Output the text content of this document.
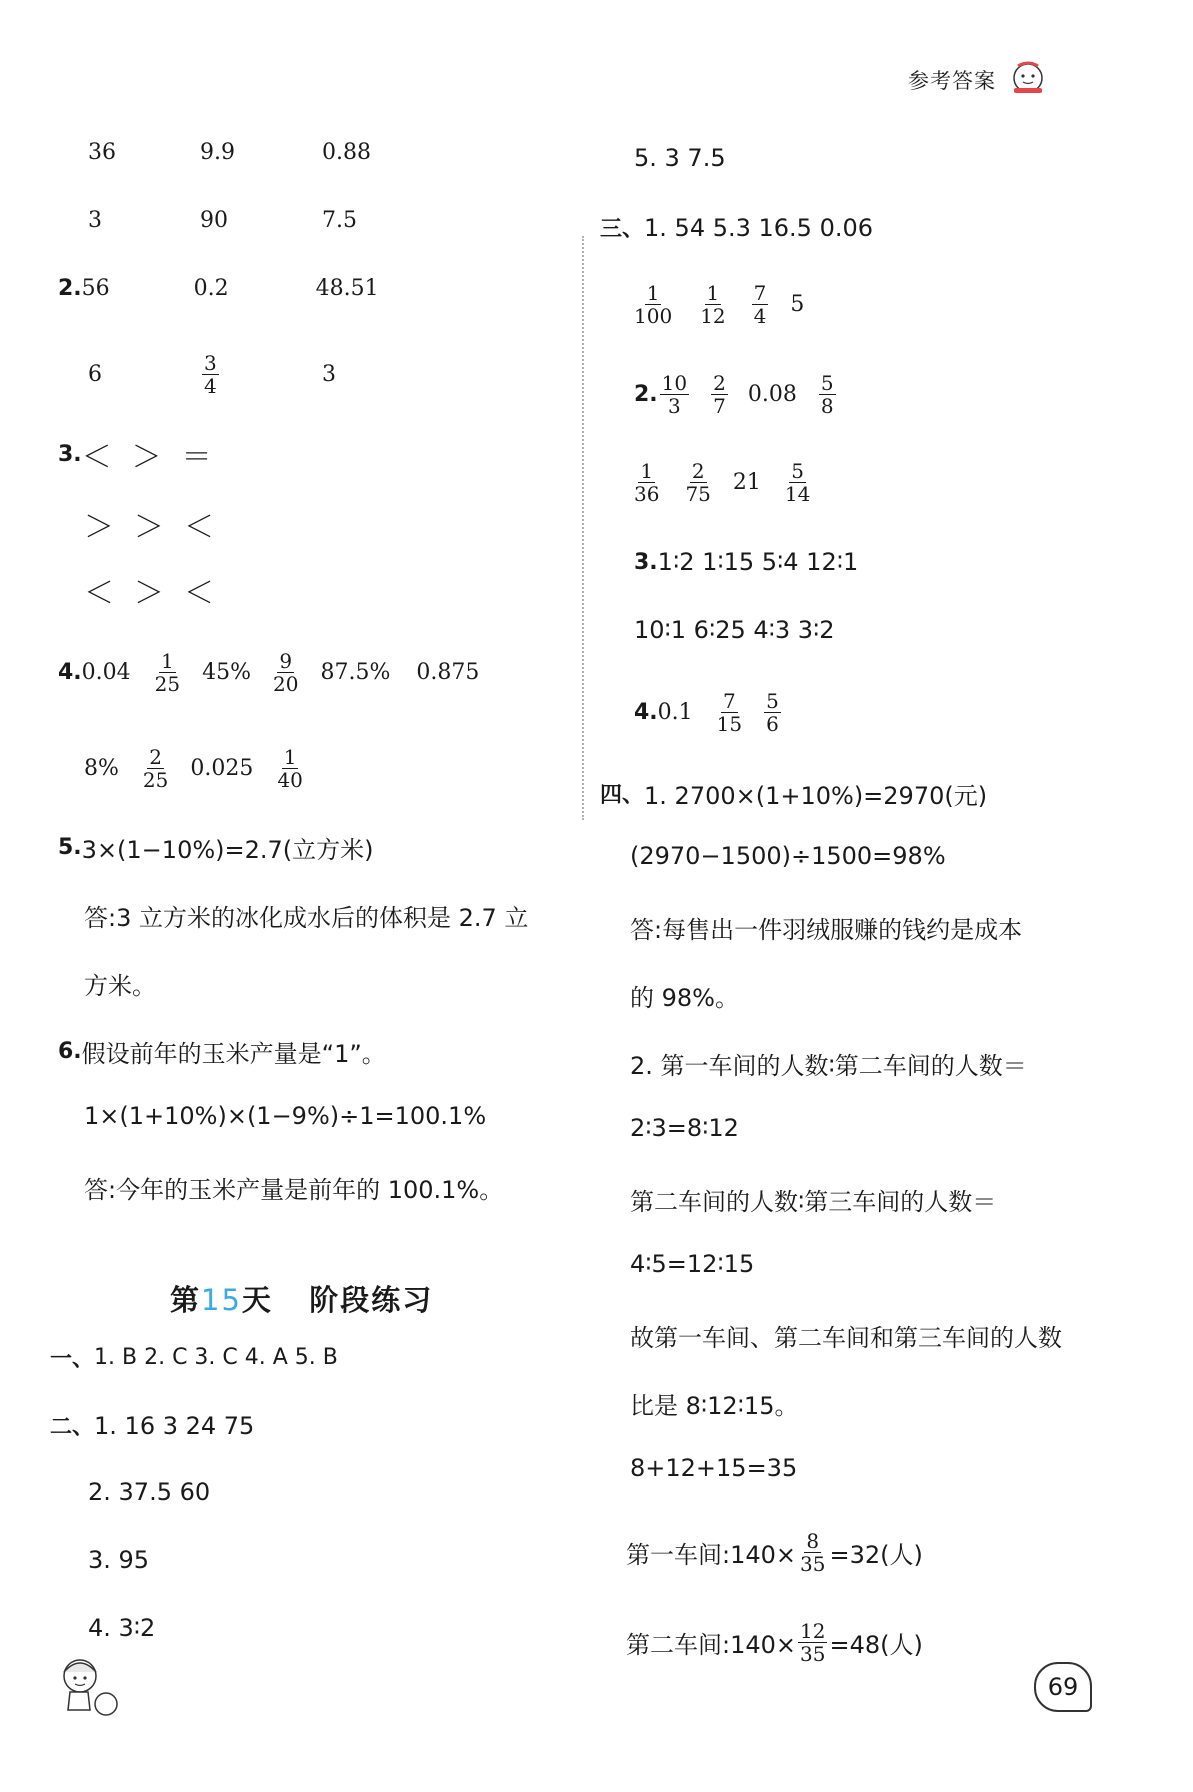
参考答案
36	9.9	0.88
3	90	7.5
2. 56	0.2	48.51
6	$\frac{3}{4}$	3
3. ＜ ＞ ＝
＞ ＞ ＜
＜ ＞ ＜
4. $0.04 \frac{1}{25} 45\% \frac{9}{20} 87.5\%$ 0.875
$8\% \frac{2}{25} 0.025 \frac{1}{40}$
5. 3×(1−10%)=2.7(立方米)
答:3 立方米的冰化成水后的体积是 2.7 立
方米。
6. 假设前年的玉米产量是“1”。
1×(1+10%)×(1−9%)÷1=100.1%
答:今年的玉米产量是前年的 100.1%。
第15天 阶段练习
一、 1. B 2. C 3. C 4. A 5. B
二、 1. 16 3 24 75
2. 37.5 60
3. 95
4. 3∶2
5. 3 7.5
三、 1. 54 5.3 16.5 0.06
$\frac{1}{100} \frac{1}{12} \frac{7}{4} 5$
2. $\frac{10}{3} \frac{2}{7} 0.08 \frac{5}{8}$
$\frac{1}{36} \frac{2}{75} 21 \frac{5}{14}$
3. 1∶2 1∶15 5∶4 12∶1
10∶1 6∶25 4∶3 3∶2
4. $0.1 \frac{7}{15} \frac{5}{6}$
四、 1. 2700×(1+10%)=2970(元)
(2970−1500)÷1500=98%
答:每售出一件羽绒服赚的钱约是成本
的 98%。
2. 第一车间的人数∶第二车间的人数＝
2∶3=8∶12
第二车间的人数∶第三车间的人数＝
4∶5=12∶15
故第一车间、第二车间和第三车间的人数
比是 8∶12∶15。
8+12+15=35
第一车间:140× $\frac{8}{35} =32$(人)
第二车间:140× $\frac{12}{35} =48$(人)
69
